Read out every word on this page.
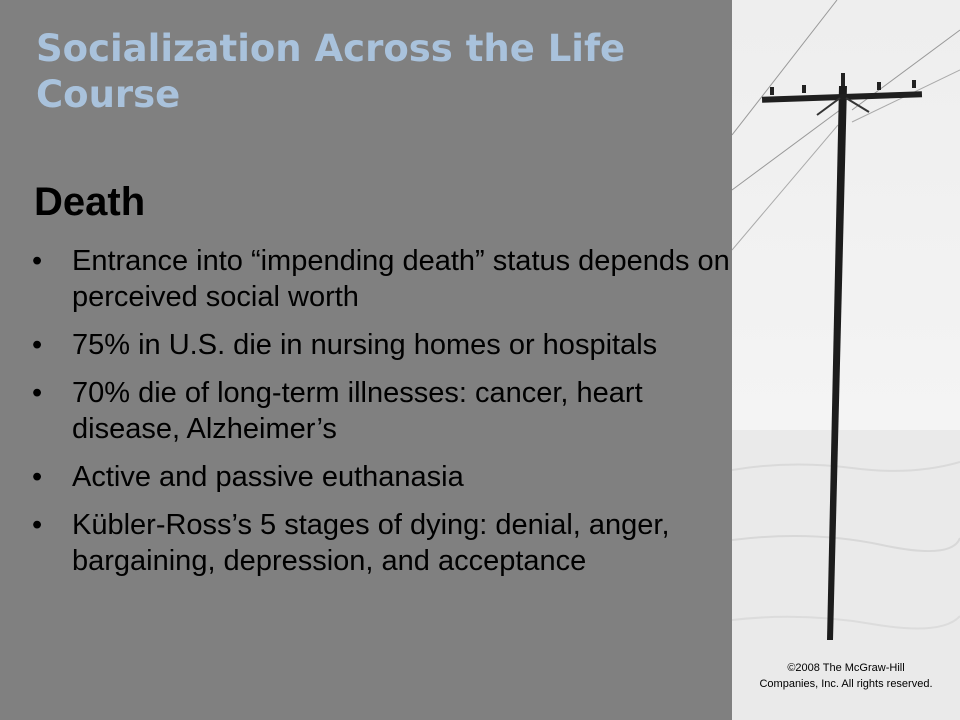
Socialization Across the Life Course
Death
• Entrance into “impending death” status depends on perceived social worth
• 75% in U.S. die in nursing homes or hospitals
• 70% die of long-term illnesses: cancer, heart disease, Alzheimer’s
• Active and passive euthanasia
• Kübler-Ross’s 5 stages of dying: denial, anger, bargaining, depression, and acceptance
©2008 The McGraw-Hill
Companies, Inc. All rights reserved.
